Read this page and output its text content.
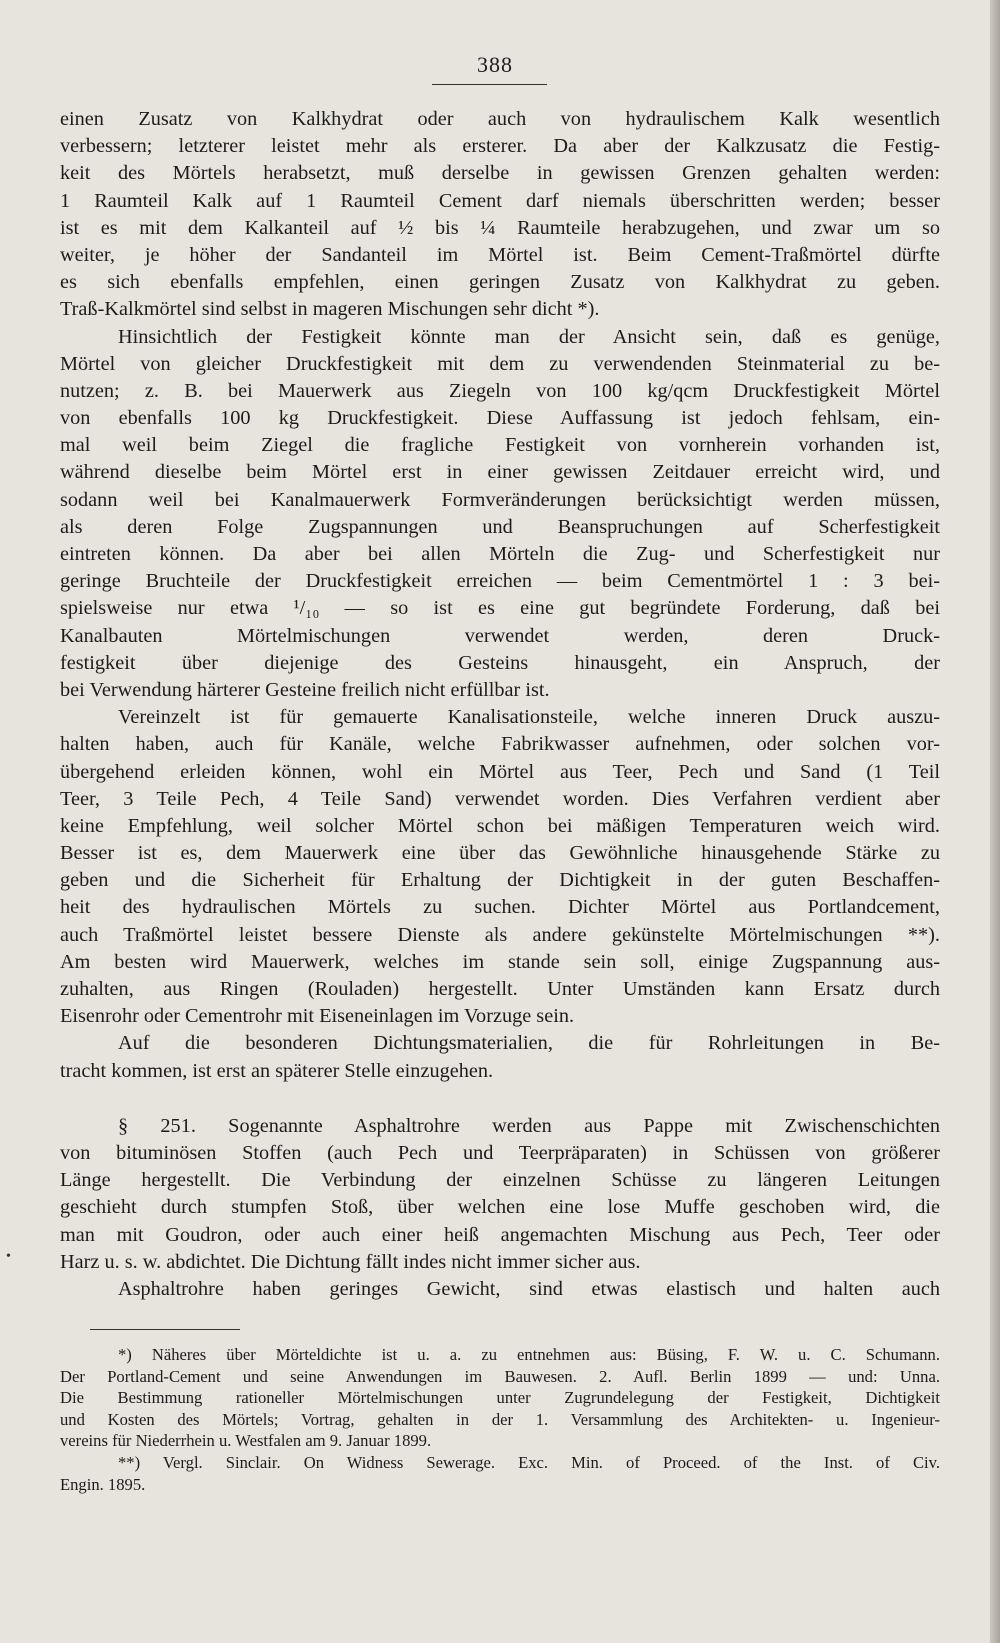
388
einen Zusatz von Kalkhydrat oder auch von hydraulischem Kalk wesentlich
verbessern; letzterer leistet mehr als ersterer. Da aber der Kalkzusatz die Festig-
keit des Mörtels herabsetzt, muß derselbe in gewissen Grenzen gehalten werden:
1 Raumteil Kalk auf 1 Raumteil Cement darf niemals überschritten werden; besser
ist es mit dem Kalkanteil auf ½ bis ¼ Raumteile herabzugehen, und zwar um so
weiter, je höher der Sandanteil im Mörtel ist. Beim Cement-Traßmörtel dürfte
es sich ebenfalls empfehlen, einen geringen Zusatz von Kalkhydrat zu geben.
Traß-Kalkmörtel sind selbst in mageren Mischungen sehr dicht *).
Hinsichtlich der Festigkeit könnte man der Ansicht sein, daß es genüge,
Mörtel von gleicher Druckfestigkeit mit dem zu verwendenden Steinmaterial zu be-
nutzen; z. B. bei Mauerwerk aus Ziegeln von 100 kg/qcm Druckfestigkeit Mörtel
von ebenfalls 100 kg Druckfestigkeit. Diese Auffassung ist jedoch fehlsam, ein-
mal weil beim Ziegel die fragliche Festigkeit von vornherein vorhanden ist,
während dieselbe beim Mörtel erst in einer gewissen Zeitdauer erreicht wird, und
sodann weil bei Kanalmauerwerk Formveränderungen berücksichtigt werden müssen,
als deren Folge Zugspannungen und Beanspruchungen auf Scherfestigkeit
eintreten können. Da aber bei allen Mörteln die Zug- und Scherfestigkeit nur
geringe Bruchteile der Druckfestigkeit erreichen — beim Cementmörtel 1 : 3 bei-
spielsweise nur etwa ¹/₁₀ — so ist es eine gut begründete Forderung, daß bei
Kanalbauten Mörtelmischungen verwendet werden, deren Druck-
festigkeit über diejenige des Gesteins hinausgeht, ein Anspruch, der
bei Verwendung härterer Gesteine freilich nicht erfüllbar ist.
Vereinzelt ist für gemauerte Kanalisationsteile, welche inneren Druck auszu-
halten haben, auch für Kanäle, welche Fabrikwasser aufnehmen, oder solchen vor-
übergehend erleiden können, wohl ein Mörtel aus Teer, Pech und Sand (1 Teil
Teer, 3 Teile Pech, 4 Teile Sand) verwendet worden. Dies Verfahren verdient aber
keine Empfehlung, weil solcher Mörtel schon bei mäßigen Temperaturen weich wird.
Besser ist es, dem Mauerwerk eine über das Gewöhnliche hinausgehende Stärke zu
geben und die Sicherheit für Erhaltung der Dichtigkeit in der guten Beschaffen-
heit des hydraulischen Mörtels zu suchen. Dichter Mörtel aus Portlandcement,
auch Traßmörtel leistet bessere Dienste als andere gekünstelte Mörtelmischungen **).
Am besten wird Mauerwerk, welches im stande sein soll, einige Zugspannung aus-
zuhalten, aus Ringen (Rouladen) hergestellt. Unter Umständen kann Ersatz durch
Eisenrohr oder Cementrohr mit Eiseneinlagen im Vorzuge sein.
Auf die besonderen Dichtungsmaterialien, die für Rohrleitungen in Be-
tracht kommen, ist erst an späterer Stelle einzugehen.
§ 251. Sogenannte Asphaltrohre werden aus Pappe mit Zwischenschichten
von bituminösen Stoffen (auch Pech und Teerpräparaten) in Schüssen von größerer
Länge hergestellt. Die Verbindung der einzelnen Schüsse zu längeren Leitungen
geschieht durch stumpfen Stoß, über welchen eine lose Muffe geschoben wird, die
man mit Goudron, oder auch einer heiß angemachten Mischung aus Pech, Teer oder
Harz u. s. w. abdichtet. Die Dichtung fällt indes nicht immer sicher aus.
Asphaltrohre haben geringes Gewicht, sind etwas elastisch und halten auch
•
*) Näheres über Mörteldichte ist u. a. zu entnehmen aus: Büsing, F. W. u. C. Schumann.
Der Portland-Cement und seine Anwendungen im Bauwesen. 2. Aufl. Berlin 1899 — und: Unna.
Die Bestimmung rationeller Mörtelmischungen unter Zugrundelegung der Festigkeit, Dichtigkeit
und Kosten des Mörtels; Vortrag, gehalten in der 1. Versammlung des Architekten- u. Ingenieur-
vereins für Niederrhein u. Westfalen am 9. Januar 1899.
**) Vergl. Sinclair. On Widness Sewerage. Exc. Min. of Proceed. of the Inst. of Civ.
Engin. 1895.
